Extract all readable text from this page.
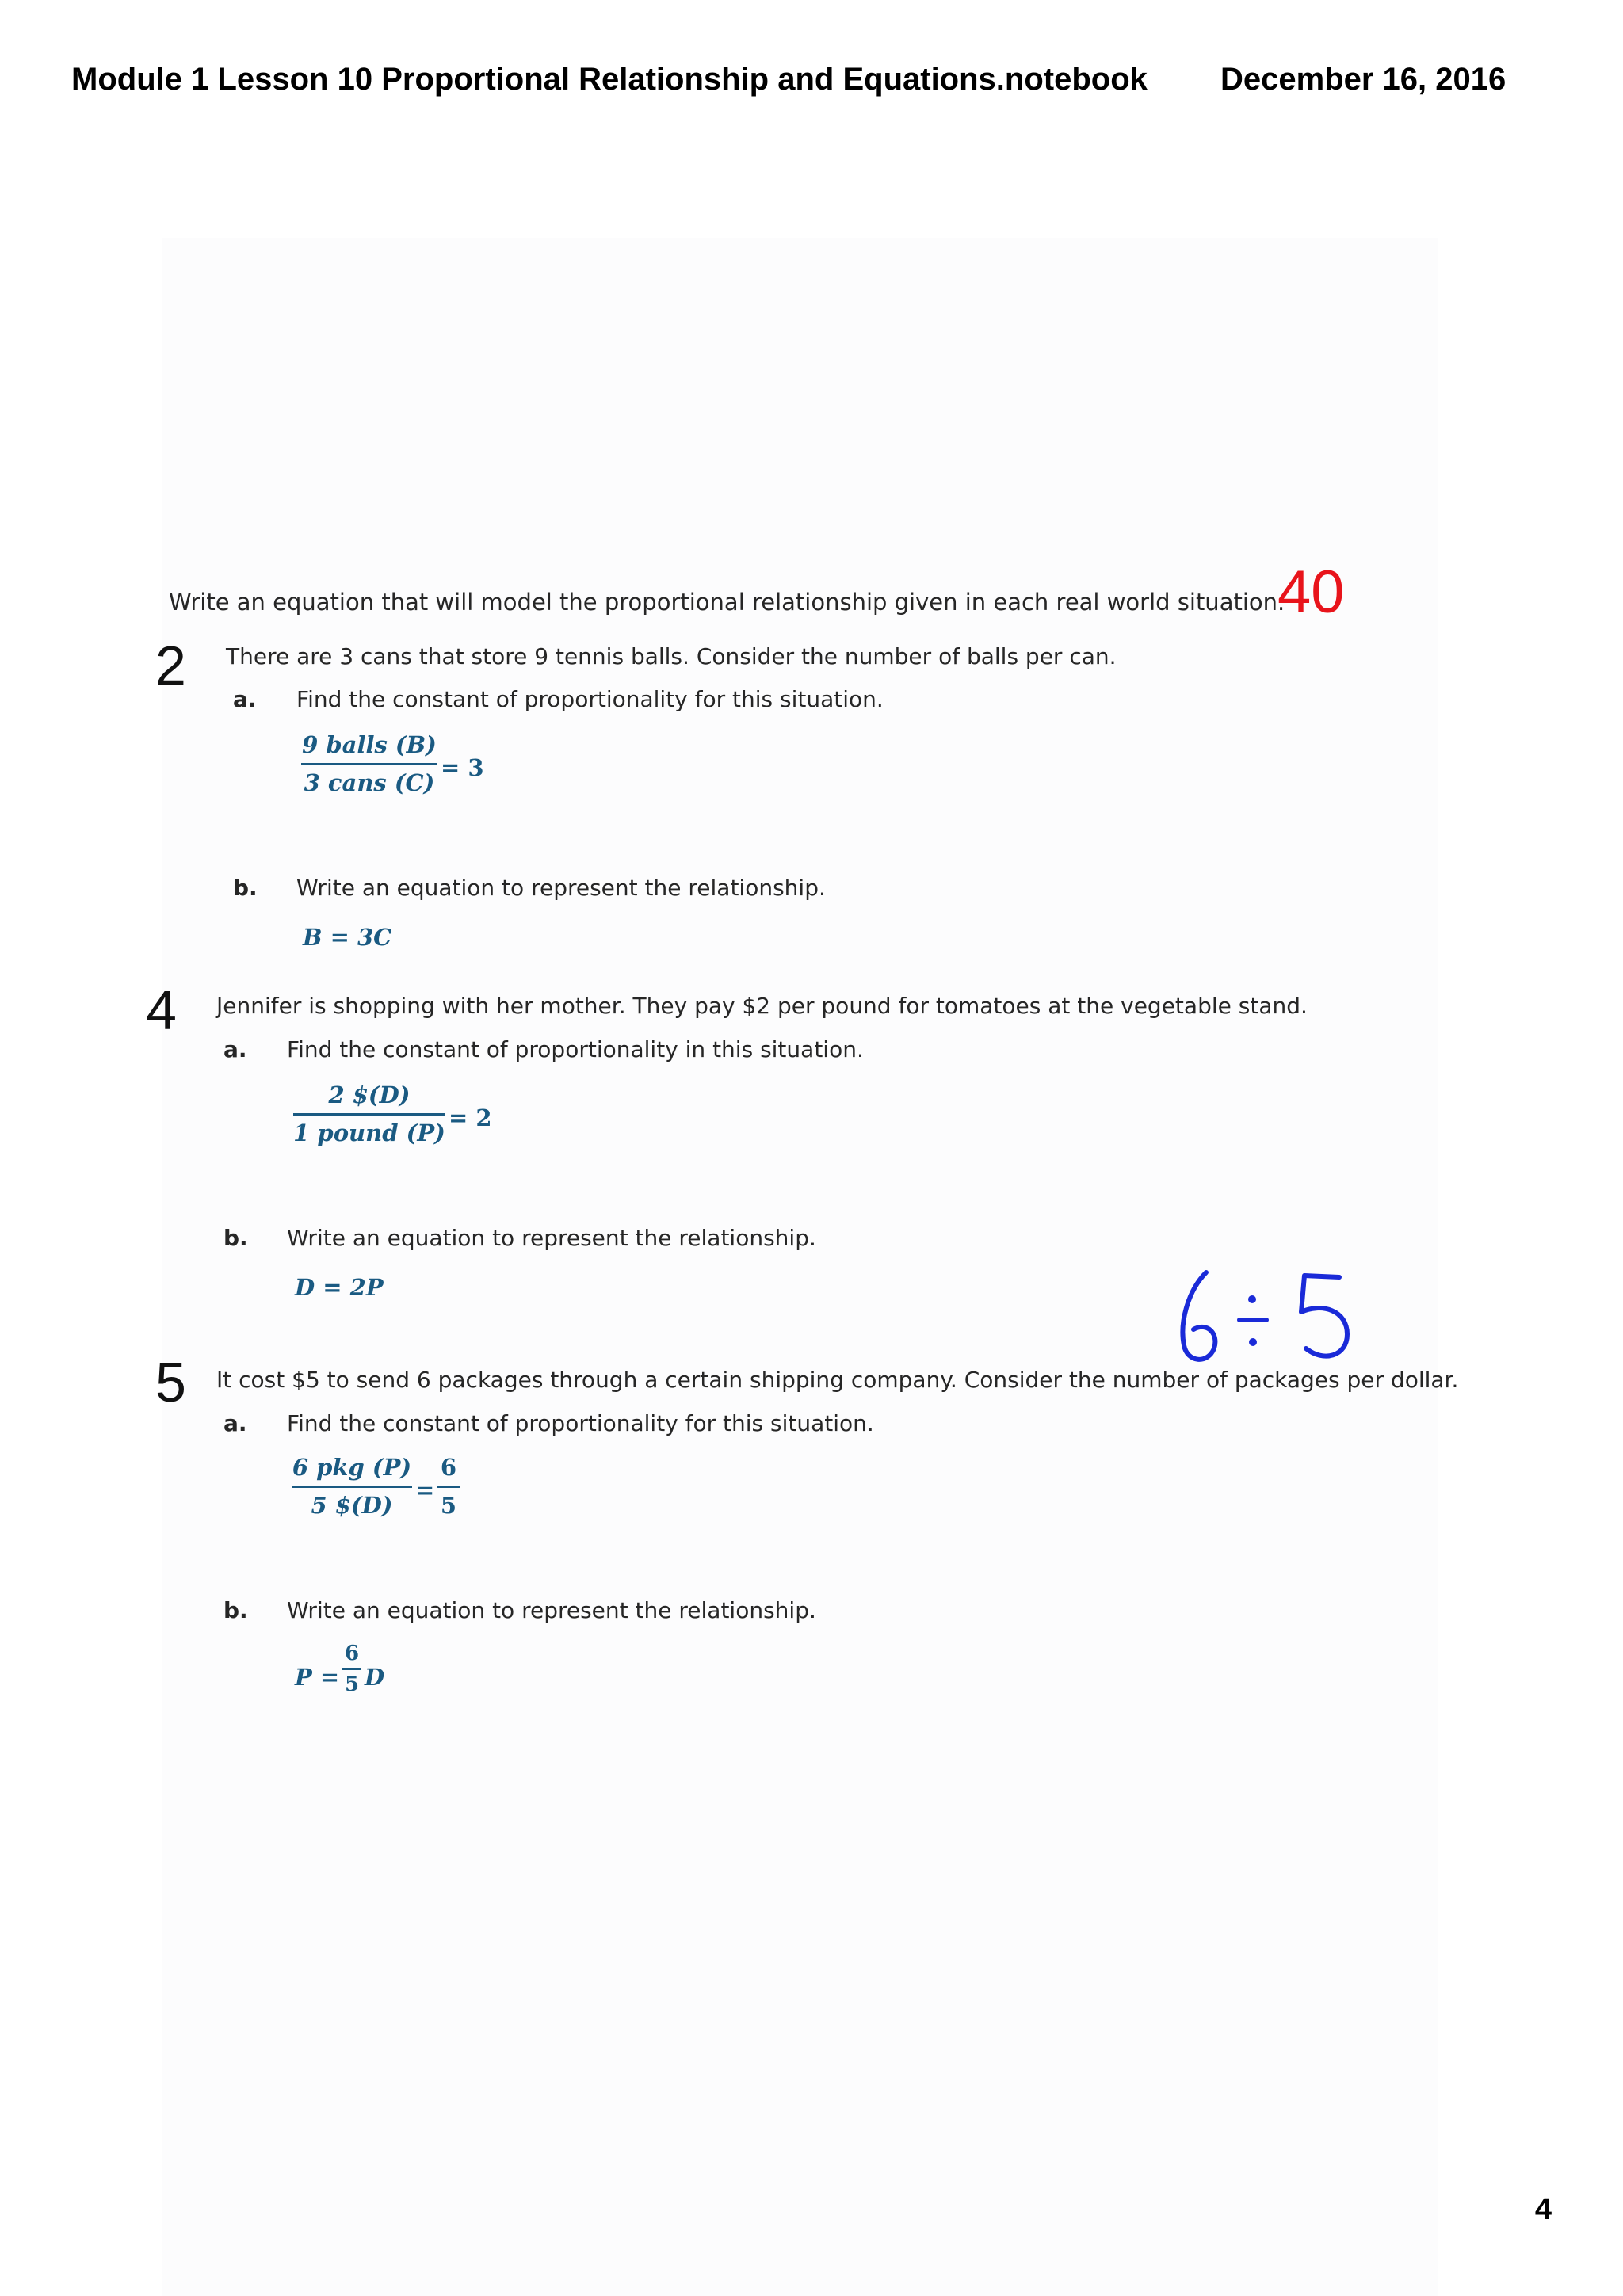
Module 1 Lesson 10 Proportional Relationship and Equations.notebook December 16, 2016
Write an equation that will model the proportional relationship given in each real world situation.
40
2 There are 3 cans that store 9 tennis balls. Consider the number of balls per can.
a. Find the constant of proportionality for this situation.
9 balls (B)
3 cans (C)
= 3
b. Write an equation to represent the relationship.
B = 3C
4 Jennifer is shopping with her mother. They pay $2 per pound for tomatoes at the vegetable stand.
a. Find the constant of proportionality in this situation.
2 $(D)
1 pound (P)
= 2
b. Write an equation to represent the relationship.
D = 2P
5 It cost $5 to send 6 packages through a certain shipping company. Consider the number of packages per dollar.
a. Find the constant of proportionality for this situation.
6 pkg (P)
5 $(D)
=
6
5
b. Write an equation to represent the relationship.
P =
6
5 D
4
